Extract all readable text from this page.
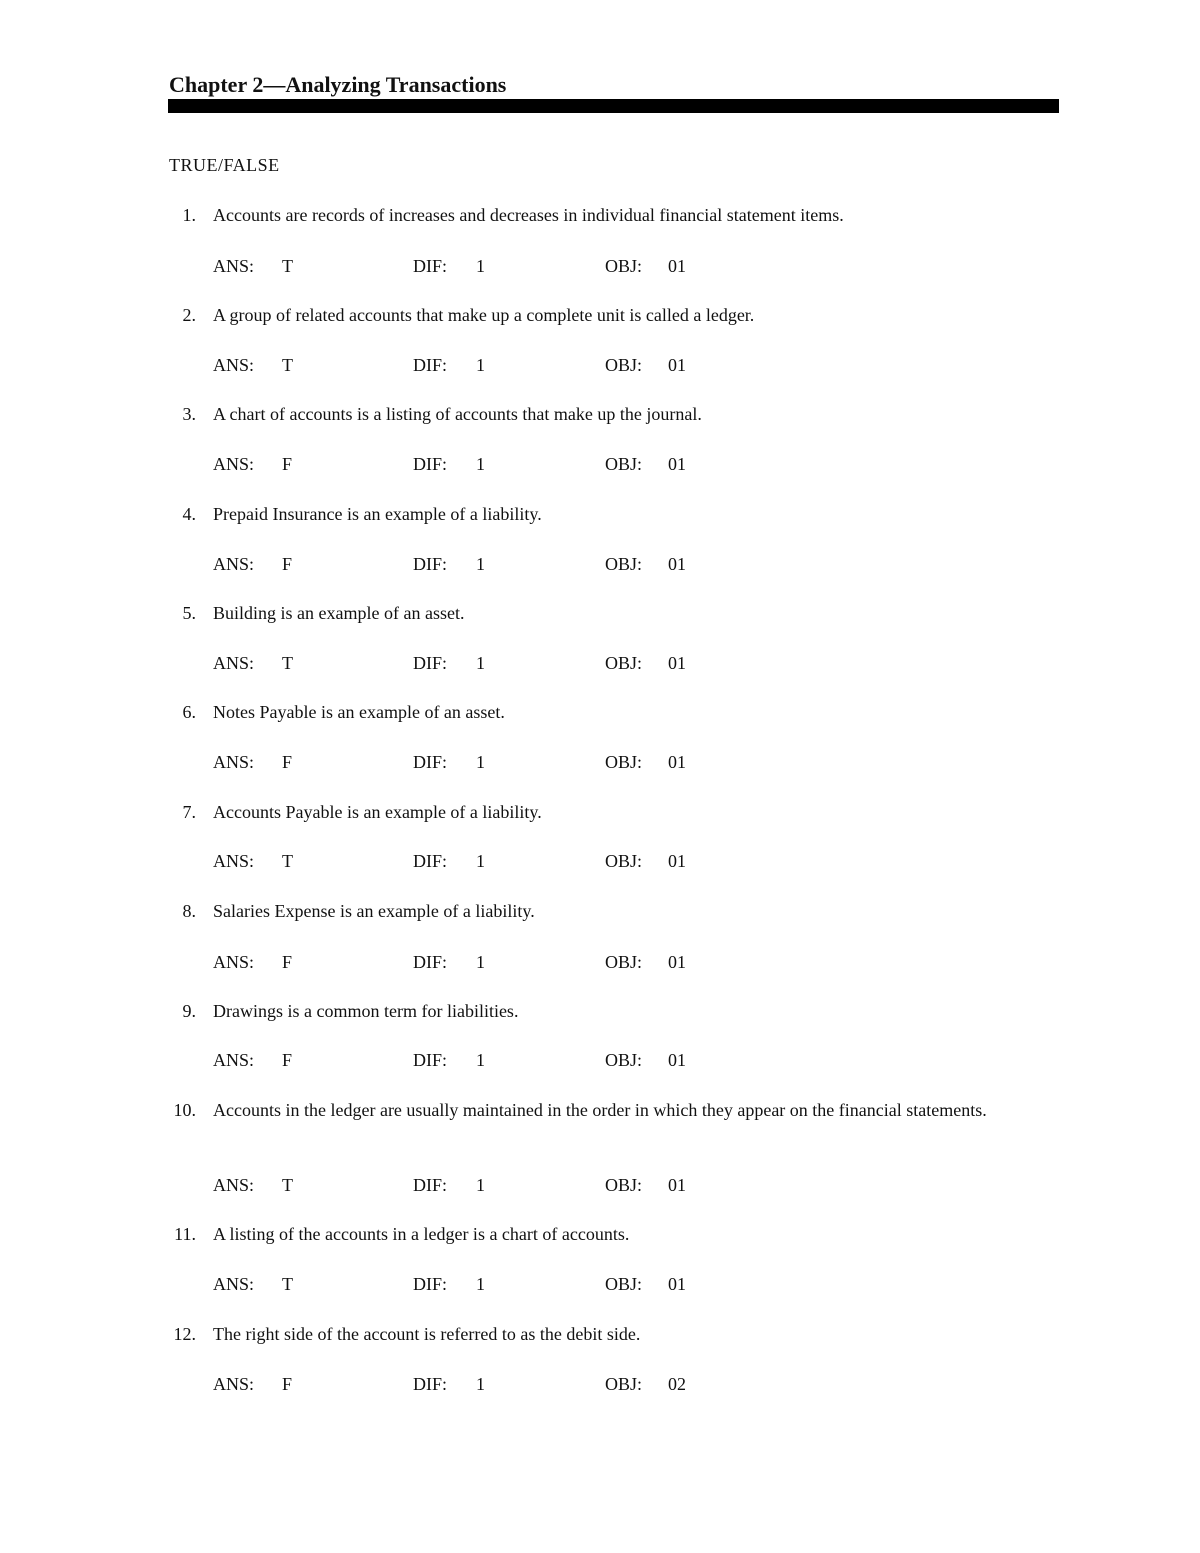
Chapter 2—Analyzing Transactions
TRUE/FALSE
1. Accounts are records of increases and decreases in individual financial statement items.
ANS: T	DIF: 1	OBJ: 01
2. A group of related accounts that make up a complete unit is called a ledger.
ANS: T	DIF: 1	OBJ: 01
3. A chart of accounts is a listing of accounts that make up the journal.
ANS: F	DIF: 1	OBJ: 01
4. Prepaid Insurance is an example of a liability.
ANS: F	DIF: 1	OBJ: 01
5. Building is an example of an asset.
ANS: T	DIF: 1	OBJ: 01
6. Notes Payable is an example of an asset.
ANS: F	DIF: 1	OBJ: 01
7. Accounts Payable is an example of a liability.
ANS: T	DIF: 1	OBJ: 01
8. Salaries Expense is an example of a liability.
ANS: F	DIF: 1	OBJ: 01
9. Drawings is a common term for liabilities.
ANS: F	DIF: 1	OBJ: 01
10. Accounts in the ledger are usually maintained in the order in which they appear on the financial statements.
ANS: T	DIF: 1	OBJ: 01
11. A listing of the accounts in a ledger is a chart of accounts.
ANS: T	DIF: 1	OBJ: 01
12. The right side of the account is referred to as the debit side.
ANS: F	DIF: 1	OBJ: 02
